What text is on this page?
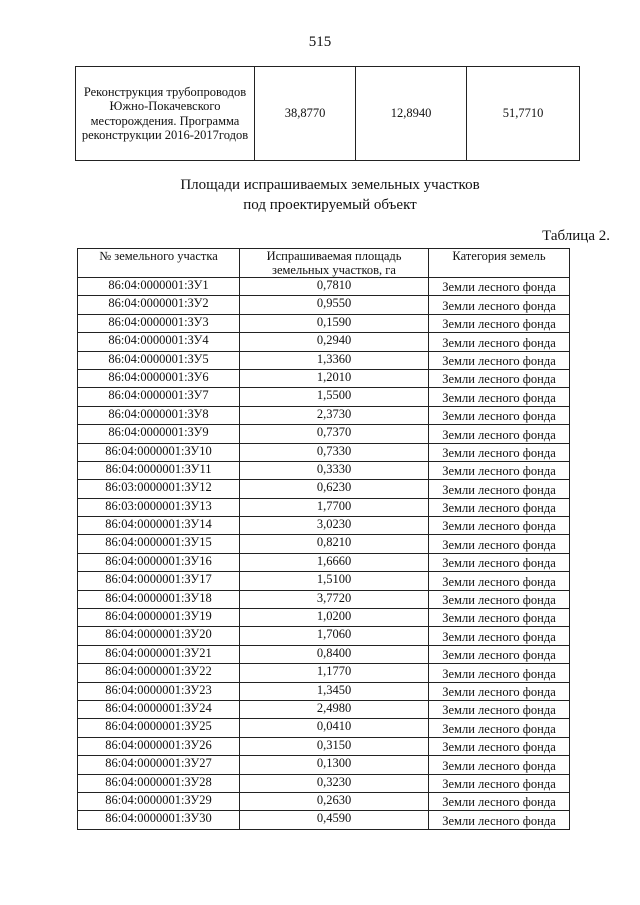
515
Реконструкция трубопроводов Южно-Покачевского месторождения. Программа реконструкции 2016-2017годов	38,8770	12,8940	51,7710
Площади испрашиваемых земельных участков
под проектируемый объект
Таблица 2.
№ земельного участка	Испрашиваемая площадь земельных участков, га	Категория земель
86:04:0000001:ЗУ1	0,7810	Земли лесного фонда
86:04:0000001:ЗУ2	0,9550	Земли лесного фонда
86:04:0000001:ЗУ3	0,1590	Земли лесного фонда
86:04:0000001:ЗУ4	0,2940	Земли лесного фонда
86:04:0000001:ЗУ5	1,3360	Земли лесного фонда
86:04:0000001:ЗУ6	1,2010	Земли лесного фонда
86:04:0000001:ЗУ7	1,5500	Земли лесного фонда
86:04:0000001:ЗУ8	2,3730	Земли лесного фонда
86:04:0000001:ЗУ9	0,7370	Земли лесного фонда
86:04:0000001:ЗУ10	0,7330	Земли лесного фонда
86:04:0000001:ЗУ11	0,3330	Земли лесного фонда
86:03:0000001:ЗУ12	0,6230	Земли лесного фонда
86:03:0000001:ЗУ13	1,7700	Земли лесного фонда
86:04:0000001:ЗУ14	3,0230	Земли лесного фонда
86:04:0000001:ЗУ15	0,8210	Земли лесного фонда
86:04:0000001:ЗУ16	1,6660	Земли лесного фонда
86:04:0000001:ЗУ17	1,5100	Земли лесного фонда
86:04:0000001:ЗУ18	3,7720	Земли лесного фонда
86:04:0000001:ЗУ19	1,0200	Земли лесного фонда
86:04:0000001:ЗУ20	1,7060	Земли лесного фонда
86:04:0000001:ЗУ21	0,8400	Земли лесного фонда
86:04:0000001:ЗУ22	1,1770	Земли лесного фонда
86:04:0000001:ЗУ23	1,3450	Земли лесного фонда
86:04:0000001:ЗУ24	2,4980	Земли лесного фонда
86:04:0000001:ЗУ25	0,0410	Земли лесного фонда
86:04:0000001:ЗУ26	0,3150	Земли лесного фонда
86:04:0000001:ЗУ27	0,1300	Земли лесного фонда
86:04:0000001:ЗУ28	0,3230	Земли лесного фонда
86:04:0000001:ЗУ29	0,2630	Земли лесного фонда
86:04:0000001:ЗУ30	0,4590	Земли лесного фонда
